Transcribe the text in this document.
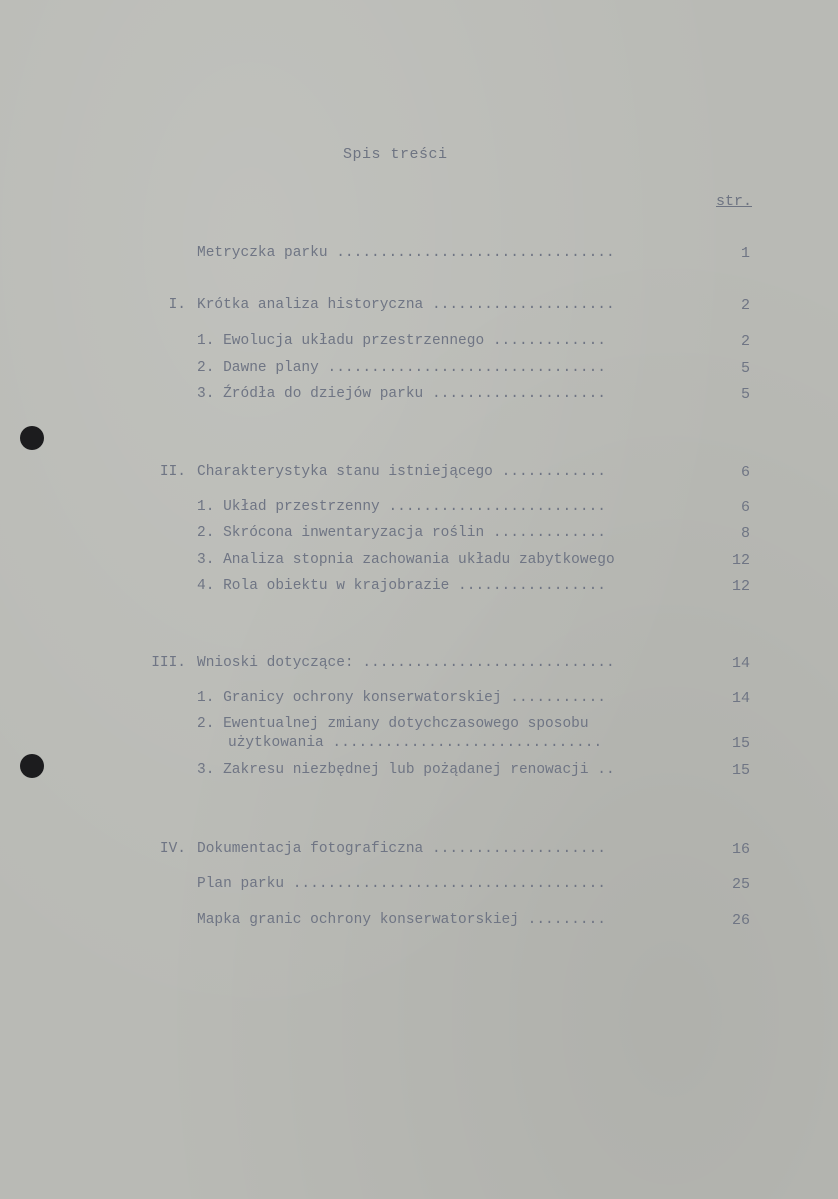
Spis treści
str.
Metryczka parku ................................	1
I. Krótka analiza historyczna .....................	2
1. Ewolucja układu przestrzennego .............	2
2. Dawne plany ................................	5
3. Źródła do dziejów parku ....................	5
II. Charakterystyka stanu istniejącego ............	6
1. Układ przestrzenny .........................	6
2. Skrócona inwentaryzacja roślin .............	8
3. Analiza stopnia zachowania układu zabytkowego	12
4. Rola obiektu w krajobrazie .................	12
III. Wnioski dotyczące: .............................	14
1. Granicy ochrony konserwatorskiej ...........	14
2. Ewentualnej zmiany dotychczasowego sposobu
użytkowania ...............................	15
3. Zakresu niezbędnej lub pożądanej renowacji ..	15
IV. Dokumentacja fotograficzna ....................	16
Plan parku ....................................	25
Mapka granic ochrony konserwatorskiej .........	26
